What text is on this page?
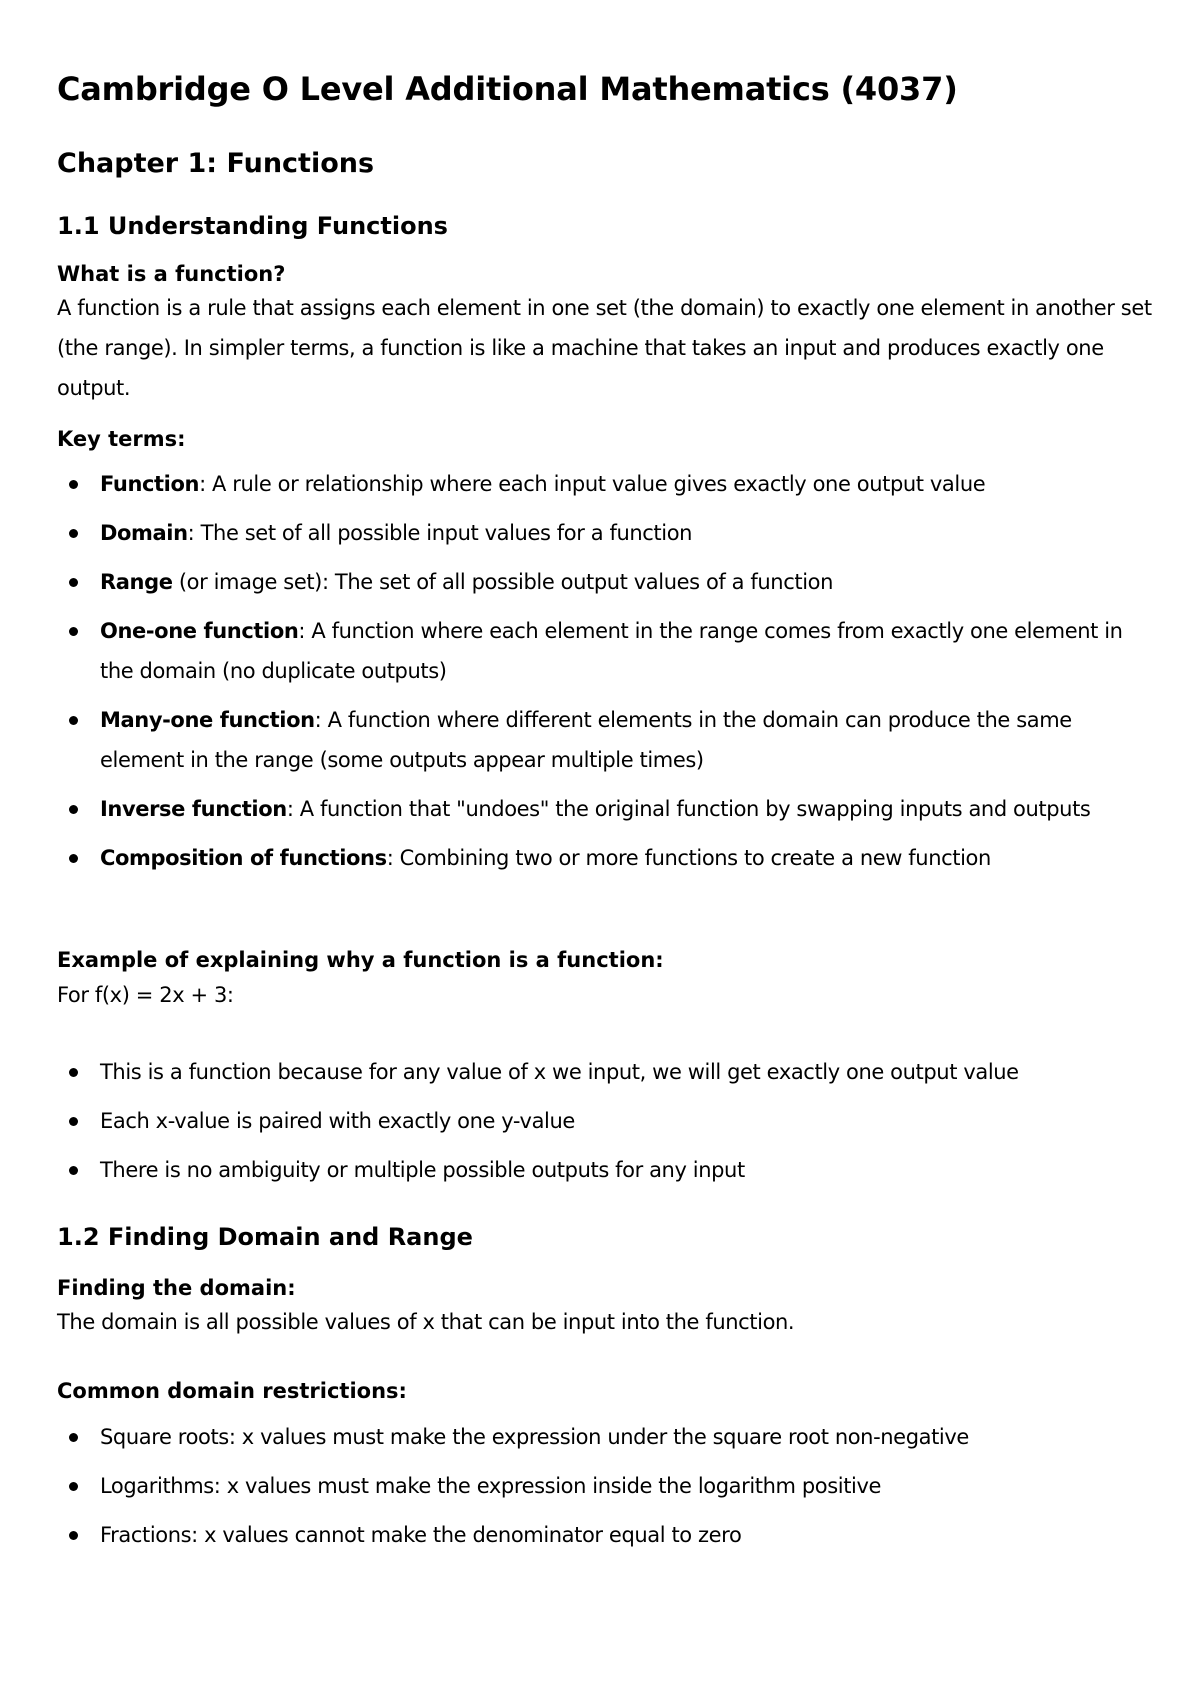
Cambridge O Level Additional Mathematics (4037)
Chapter 1: Functions
1.1 Understanding Functions

What is a function?

A function is a rule that assigns each element in one set (the domain) to exactly one element in another set (the range). In simpler terms, a function is like a machine that takes an input and produces exactly one output.

Key terms:

Function: A rule or relationship where each input value gives exactly one output value
Domain: The set of all possible input values for a function
Range (or image set): The set of all possible output values of a function
One-one function: A function where each element in the range comes from exactly one element in the domain (no duplicate outputs)
Many-one function: A function where different elements in the domain can produce the same element in the range (some outputs appear multiple times)
Inverse function: A function that "undoes" the original function by swapping inputs and outputs
Composition of functions: Combining two or more functions to create a new function

Example of explaining why a function is a function:

For f(x) = 2x + 3:

This is a function because for any value of x we input, we will get exactly one output value
Each x-value is paired with exactly one y-value
There is no ambiguity or multiple possible outputs for any input
1.2 Finding Domain and Range

Finding the domain:

The domain is all possible values of x that can be input into the function.

Common domain restrictions:

Square roots: x values must make the expression under the square root non-negative
Logarithms: x values must make the expression inside the logarithm positive
Fractions: x values cannot make the denominator equal to zero
